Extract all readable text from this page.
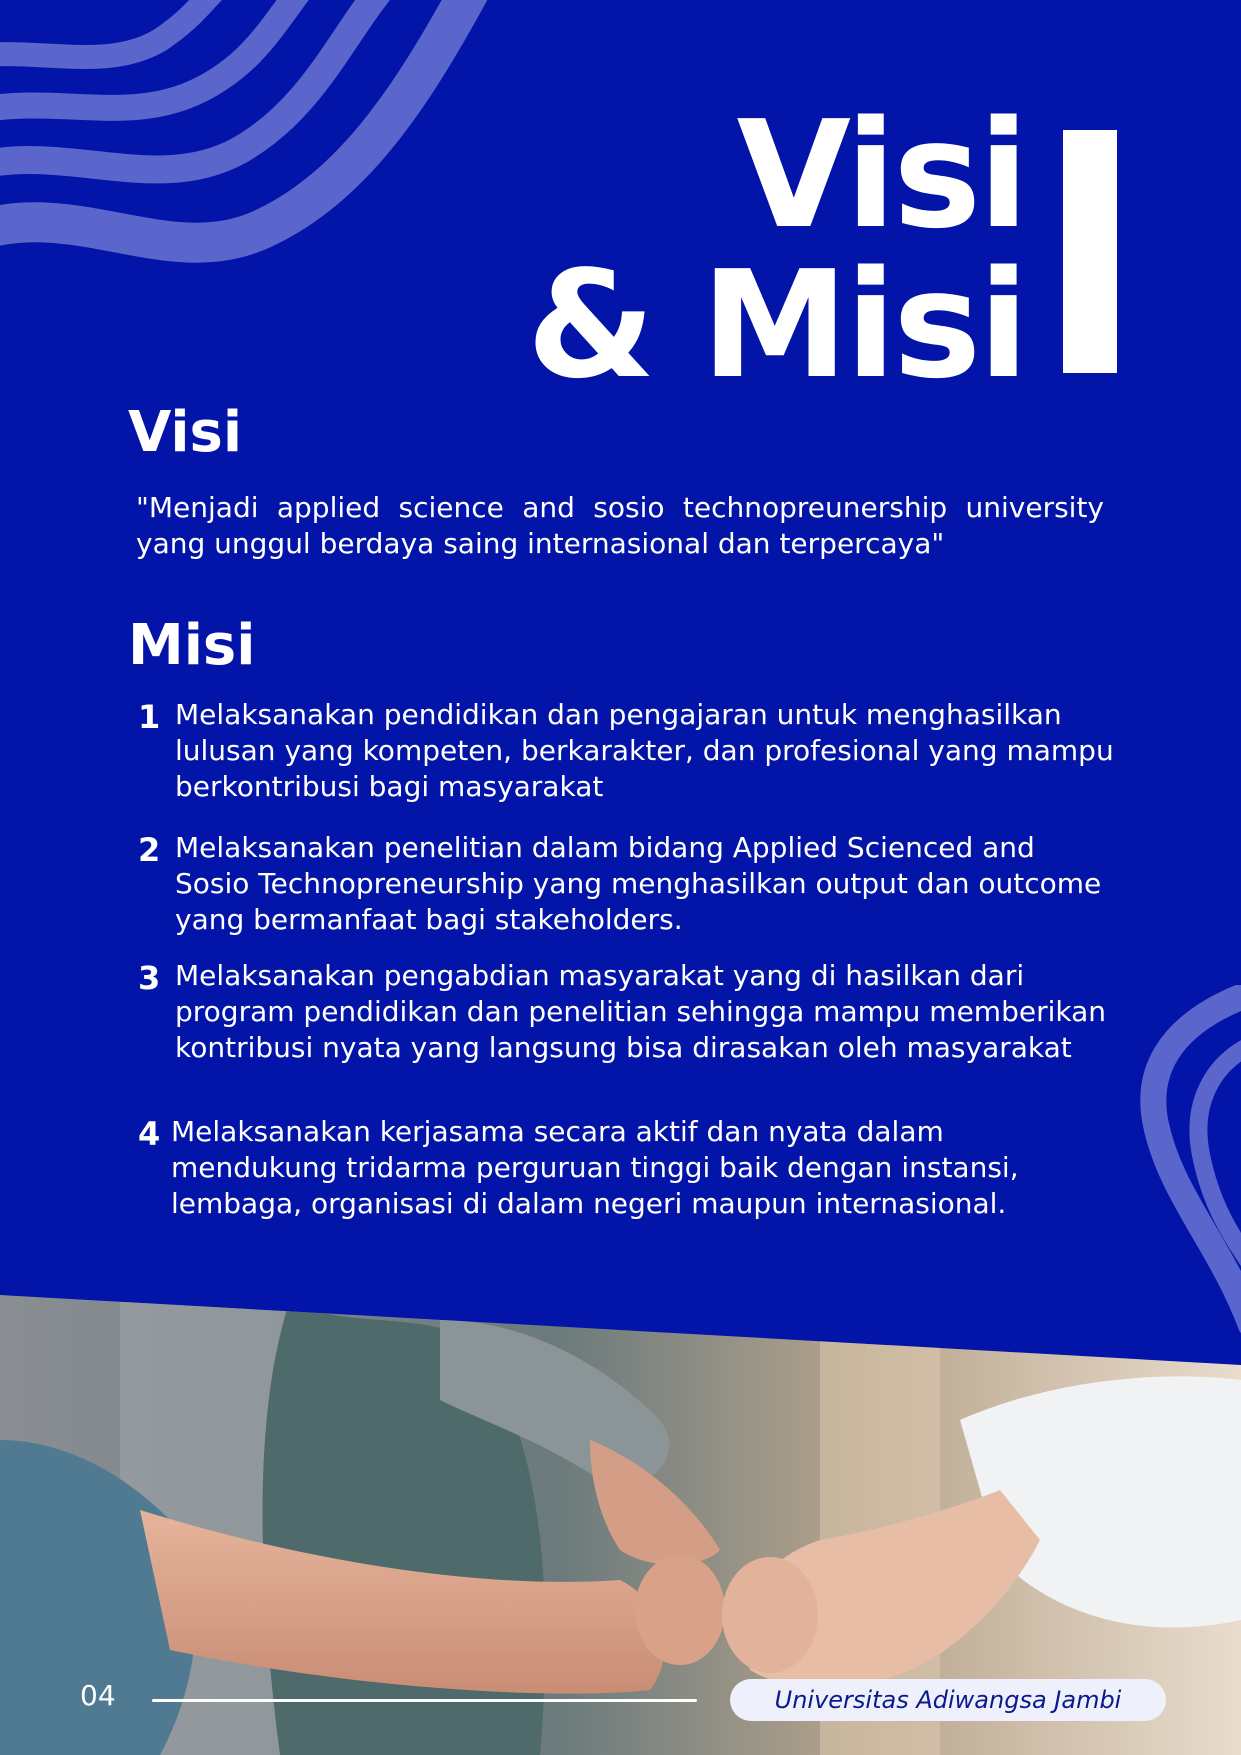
Visi
& Misi
Visi

"Menjadi applied science and sosio technopreunership university yang unggul berdaya saing internasional dan terpercaya"

Misi
1 Melaksanakan pendidikan dan pengajaran untuk menghasilkan lulusan yang kompeten, berkarakter, dan profesional yang mampu berkontribusi bagi masyarakat

2 Melaksanakan penelitian dalam bidang Applied Scienced and Sosio Technopreneurship yang menghasilkan output dan outcome yang bermanfaat bagi stakeholders.

3 Melaksanakan pengabdian masyarakat yang di hasilkan dari program pendidikan dan penelitian sehingga mampu memberikan kontribusi nyata yang langsung bisa dirasakan oleh masyarakat

4 Melaksanakan kerjasama secara aktif dan nyata dalam mendukung tridarma perguruan tinggi baik dengan instansi, lembaga, organisasi di dalam negeri maupun internasional.

04	Universitas Adiwangsa Jambi
